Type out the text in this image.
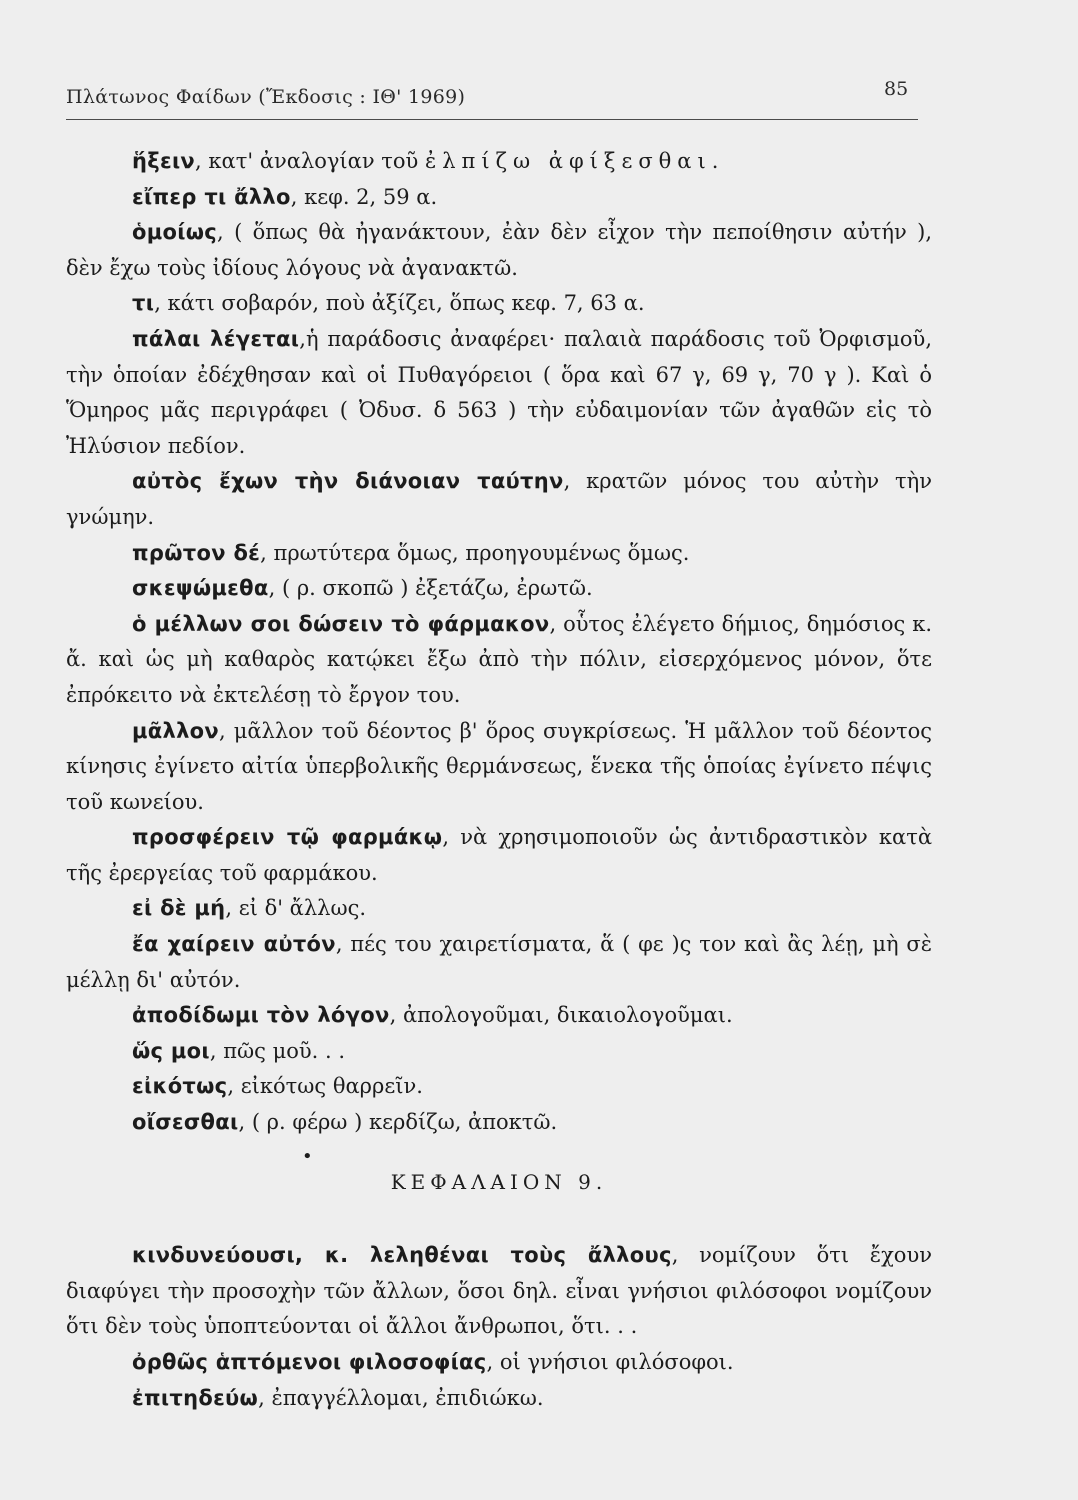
Πλάτωνος Φαίδων (Ἔκδοσις : ΙΘ' 1969)	85

ἥξειν, κατ' ἀναλογίαν τοῦ ἐλπίζω ἀφίξεσθαι.

εἴπερ τι ἄλλο, κεφ. 2, 59 α.

ὁμοίως, ( ὅπως θὰ ἠγανάκτουν, ἐὰν δὲν εἶχον τὴν πεποίθησιν αὐτήν ), δὲν ἔχω τοὺς ἰδίους λόγους νὰ ἀγανακτῶ.

τι, κάτι σοβαρόν, ποὺ ἀξίζει, ὅπως κεφ. 7, 63 α.

πάλαι λέγεται,ἡ παράδοσις ἀναφέρει· παλαιὰ παράδοσις τοῦ Ὀρφισμοῦ, τὴν ὁποίαν ἐδέχθησαν καὶ οἱ Πυθαγόρειοι ( ὅρα καὶ 67 γ, 69 γ, 70 γ ). Καὶ ὁ Ὅμηρος μᾶς περιγράφει ( Ὀδυσ. δ 563 ) τὴν εὐδαιμονίαν τῶν ἀγαθῶν εἰς τὸ Ἠλύσιον πεδίον.

αὐτὸς ἔχων τὴν διάνοιαν ταύτην, κρατῶν μόνος του αὐτὴν τὴν γνώμην.

πρῶτον δέ, πρωτύτερα ὅμως, προηγουμένως ὅμως.

σκεψώμεθα, ( ρ. σκοπῶ ) ἐξετάζω, ἐρωτῶ.

ὁ μέλλων σοι δώσειν τὸ φάρμακον, οὗτος ἐλέγετο δήμιος, δημόσιος κ. ἄ. καὶ ὡς μὴ καθαρὸς κατῴκει ἔξω ἀπὸ τὴν πόλιν, εἰσερχόμενος μόνον, ὅτε ἐπρόκειτο νὰ ἐκτελέσῃ τὸ ἔργον του.

μᾶλλον, μᾶλλον τοῦ δέοντος β' ὅρος συγκρίσεως. Ἡ μᾶλλον τοῦ δέοντος κίνησις ἐγίνετο αἰτία ὑπερβολικῆς θερμάνσεως, ἕνεκα τῆς ὁποίας ἐγίνετο πέψις τοῦ κωνείου.

προσφέρειν τῷ φαρμάκῳ, νὰ χρησιμοποιοῦν ὡς ἀντιδραστικὸν κατὰ τῆς ἐρεργείας τοῦ φαρμάκου.

εἰ δὲ μή, εἰ δ' ἄλλως.

ἔα χαίρειν αὐτόν, πές του χαιρετίσματα, ἅ ( φε )ς τον καὶ ἂς λέῃ, μὴ σὲ μέλλῃ δι' αὐτόν.

ἀποδίδωμι τὸν λόγον, ἀπολογοῦμαι, δικαιολογοῦμαι.

ὥς μοι, πῶς μοῦ. . .

εἰκότως, εἰκότως θαρρεῖν.

οἴσεσθαι, ( ρ. φέρω ) κερδίζω, ἀποκτῶ.

•

ΚΕΦΑΛΑΙΟΝ 9.

κινδυνεύουσι, κ. λεληθέναι τοὺς ἄλλους, νομίζουν ὅτι ἔχουν διαφύγει τὴν προσοχὴν τῶν ἄλλων, ὅσοι δηλ. εἶναι γνήσιοι φιλόσοφοι νομίζουν ὅτι δὲν τοὺς ὑποπτεύονται οἱ ἄλλοι ἄνθρωποι, ὅτι. . .

ὀρθῶς ἁπτόμενοι φιλοσοφίας, οἱ γνήσιοι φιλόσοφοι.

ἐπιτηδεύω, ἐπαγγέλλομαι, ἐπιδιώκω.
